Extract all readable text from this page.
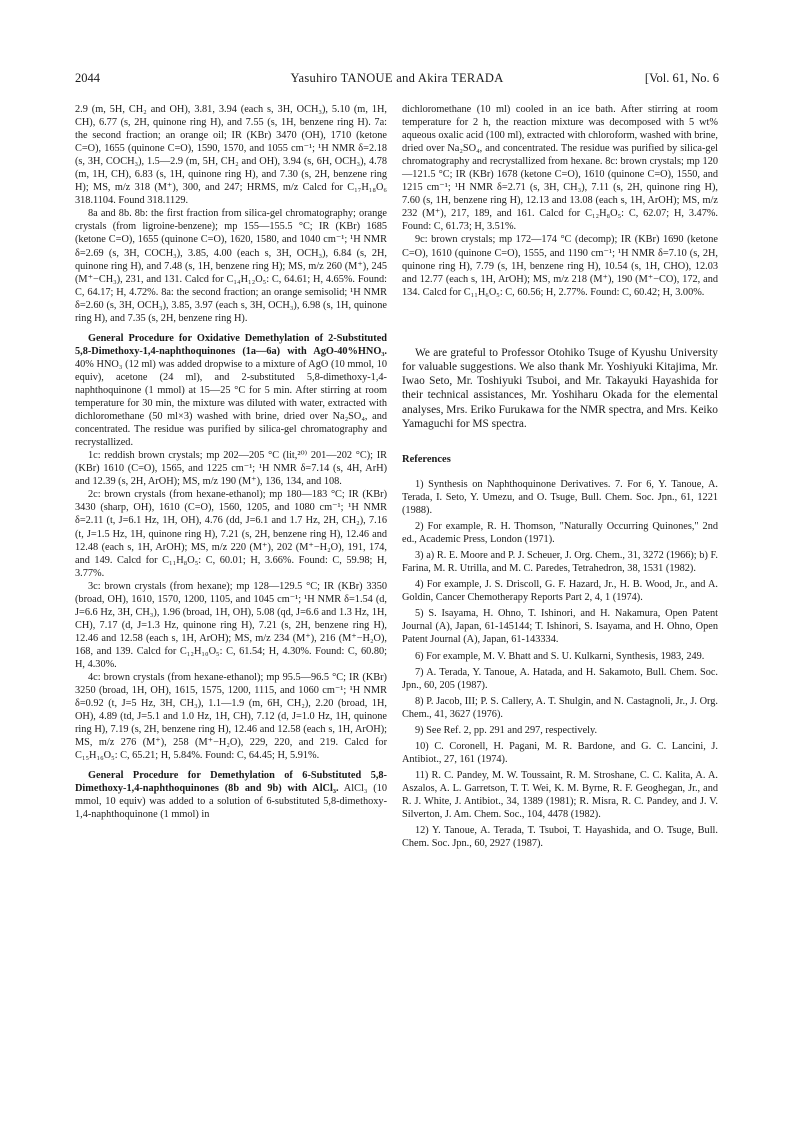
2044	Yasuhiro TANOUE and Akira TERADA	[Vol. 61, No. 6

2.9 (m, 5H, CH₂ and OH), 3.81, 3.94 (each s, 3H, OCH₃), 5.10 (m, 1H, CH), 6.77 (s, 2H, quinone ring H), and 7.55 (s, 1H, benzene ring H). 7a: the second fraction; an orange oil; IR (KBr) 3470 (OH), 1710 (ketone C=O), 1655 (quinone C=O), 1590, 1570, and 1055 cm⁻¹; ¹H NMR δ=2.18 (s, 3H, COCH₃), 1.5—2.9 (m, 5H, CH₂ and OH), 3.94 (s, 6H, OCH₃), 4.78 (m, 1H, CH), 6.83 (s, 1H, quinone ring H), and 7.30 (s, 2H, benzene ring H); MS, m/z 318 (M⁺), 300, and 247; HRMS, m/z Calcd for C₁₇H₁₈O₆ 318.1104. Found 318.1129.

8a and 8b. 8b: the first fraction from silica-gel chromatography; orange crystals (from ligroine-benzene); mp 155—155.5 °C; IR (KBr) 1685 (ketone C=O), 1655 (quinone C=O), 1620, 1580, and 1040 cm⁻¹; ¹H NMR δ=2.69 (s, 3H, COCH₃), 3.85, 4.00 (each s, 3H, OCH₃), 6.84 (s, 2H, quinone ring H), and 7.48 (s, 1H, benzene ring H); MS, m/z 260 (M⁺), 245 (M⁺−CH₃), 231, and 131. Calcd for C₁₄H₁₂O₅: C, 64.61; H, 4.65%. Found: C, 64.17; H, 4.72%. 8a: the second fraction; an orange semisolid; ¹H NMR δ=2.60 (s, 3H, OCH₃), 3.85, 3.97 (each s, 3H, OCH₃), 6.98 (s, 1H, quinone ring H), and 7.35 (s, 2H, benzene ring H).

General Procedure for Oxidative Demethylation of 2-Substituted 5,8-Dimethoxy-1,4-naphthoquinones (1a—6a) with AgO-40%HNO₃. 40% HNO₃ (12 ml) was added dropwise to a mixture of AgO (10 mmol, 10 equiv), acetone (24 ml), and 2-substituted 5,8-dimethoxy-1,4-naphthoquinone (1 mmol) at 15—25 °C for 5 min. After stirring at room temperature for 30 min, the mixture was diluted with water, extracted with dichloromethane (50 ml×3) washed with brine, dried over Na₂SO₄, and concentrated. The residue was purified by silica-gel chromatography and recrystallized.

1c: reddish brown crystals; mp 202—205 °C (lit,²⁰⁾ 201—202 °C); IR (KBr) 1610 (C=O), 1565, and 1225 cm⁻¹; ¹H NMR δ=7.14 (s, 4H, ArH) and 12.39 (s, 2H, ArOH); MS, m/z 190 (M⁺), 136, 134, and 108.

2c: brown crystals (from hexane-ethanol); mp 180—183 °C; IR (KBr) 3430 (sharp, OH), 1610 (C=O), 1560, 1205, and 1080 cm⁻¹; ¹H NMR δ=2.11 (t, J=6.1 Hz, 1H, OH), 4.76 (dd, J=6.1 and 1.7 Hz, 2H, CH₂), 7.16 (t, J=1.5 Hz, 1H, quinone ring H), 7.21 (s, 2H, benzene ring H), 12.46 and 12.48 (each s, 1H, ArOH); MS, m/z 220 (M⁺), 202 (M⁺−H₂O), 191, 174, and 149. Calcd for C₁₁H₈O₅: C, 60.01; H, 3.66%. Found: C, 59.98; H, 3.77%.

3c: brown crystals (from hexane); mp 128—129.5 °C; IR (KBr) 3350 (broad, OH), 1610, 1570, 1200, 1105, and 1045 cm⁻¹; ¹H NMR δ=1.54 (d, J=6.6 Hz, 3H, CH₃), 1.96 (broad, 1H, OH), 5.08 (qd, J=6.6 and 1.3 Hz, 1H, CH), 7.17 (d, J=1.3 Hz, quinone ring H), 7.21 (s, 2H, benzene ring H), 12.46 and 12.58 (each s, 1H, ArOH); MS, m/z 234 (M⁺), 216 (M⁺−H₂O), 168, and 139. Calcd for C₁₂H₁₀O₅: C, 61.54; H, 4.30%. Found: C, 60.80; H, 4.30%.

4c: brown crystals (from hexane-ethanol); mp 95.5—96.5 °C; IR (KBr) 3250 (broad, 1H, OH), 1615, 1575, 1200, 1115, and 1060 cm⁻¹; ¹H NMR δ=0.92 (t, J=5 Hz, 3H, CH₃), 1.1—1.9 (m, 6H, CH₂), 2.20 (broad, 1H, OH), 4.89 (td, J=5.1 and 1.0 Hz, 1H, CH), 7.12 (d, J=1.0 Hz, 1H, quinone ring H), 7.19 (s, 2H, benzene ring H), 12.46 and 12.58 (each s, 1H, ArOH); MS, m/z 276 (M⁺), 258 (M⁺−H₂O), 229, 220, and 219. Calcd for C₁₅H₁₆O₅: C, 65.21; H, 5.84%. Found: C, 64.45; H, 5.91%.

General Procedure for Demethylation of 6-Substituted 5,8-Dimethoxy-1,4-naphthoquinones (8b and 9b) with AlCl₃. AlCl₃ (10 mmol, 10 equiv) was added to a solution of 6-substituted 5,8-dimethoxy-1,4-naphthoquinone (1 mmol) in

dichloromethane (10 ml) cooled in an ice bath. After stirring at room temperature for 2 h, the reaction mixture was decomposed with 5 wt% aqueous oxalic acid (100 ml), extracted with chloroform, washed with brine, dried over Na₂SO₄, and concentrated. The residue was purified by silica-gel chromatography and recrystallized from hexane. 8c: brown crystals; mp 120—121.5 °C; IR (KBr) 1678 (ketone C=O), 1610 (quinone C=O), 1550, and 1215 cm⁻¹; ¹H NMR δ=2.71 (s, 3H, CH₃), 7.11 (s, 2H, quinone ring H), 7.60 (s, 1H, benzene ring H), 12.13 and 13.08 (each s, 1H, ArOH); MS, m/z 232 (M⁺), 217, 189, and 161. Calcd for C₁₂H₈O₅: C, 62.07; H, 3.47%. Found: C, 61.73; H, 3.51%.

9c: brown crystals; mp 172—174 °C (decomp); IR (KBr) 1690 (ketone C=O), 1610 (quinone C=O), 1555, and 1190 cm⁻¹; ¹H NMR δ=7.10 (s, 2H, quinone ring H), 7.79 (s, 1H, benzene ring H), 10.54 (s, 1H, CHO), 12.03 and 12.77 (each s, 1H, ArOH); MS, m/z 218 (M⁺), 190 (M⁺−CO), 172, and 134. Calcd for C₁₁H₆O₅: C, 60.56; H, 2.77%. Found: C, 60.42; H, 3.00%.

We are grateful to Professor Otohiko Tsuge of Kyushu University for valuable suggestions. We also thank Mr. Yoshiyuki Kitajima, Mr. Iwao Seto, Mr. Toshiyuki Tsuboi, and Mr. Takayuki Hayashida for their technical assistances, Mr. Yoshiharu Okada for the elemental analyses, Mrs. Eriko Furukawa for the NMR spectra, and Mrs. Keiko Yamaguchi for MS spectra.

References

1) Synthesis on Naphthoquinone Derivatives. 7. For 6, Y. Tanoue, A. Terada, I. Seto, Y. Umezu, and O. Tsuge, Bull. Chem. Soc. Jpn., 61, 1221 (1988).

2) For example, R. H. Thomson, "Naturally Occurring Quinones," 2nd ed., Academic Press, London (1971).

3) a) R. E. Moore and P. J. Scheuer, J. Org. Chem., 31, 3272 (1966); b) F. Farina, M. R. Utrilla, and M. C. Paredes, Tetrahedron, 38, 1531 (1982).

4) For example, J. S. Driscoll, G. F. Hazard, Jr., H. B. Wood, Jr., and A. Goldin, Cancer Chemotherapy Reports Part 2, 4, 1 (1974).

5) S. Isayama, H. Ohno, T. Ishinori, and H. Nakamura, Open Patent Journal (A), Japan, 61-145144; T. Ishinori, S. Isayama, and H. Ohno, Open Patent Journal (A), Japan, 61-143334.

6) For example, M. V. Bhatt and S. U. Kulkarni, Synthesis, 1983, 249.

7) A. Terada, Y. Tanoue, A. Hatada, and H. Sakamoto, Bull. Chem. Soc. Jpn., 60, 205 (1987).

8) P. Jacob, III; P. S. Callery, A. T. Shulgin, and N. Castagnoli, Jr., J. Org. Chem., 41, 3627 (1976).

9) See Ref. 2, pp. 291 and 297, respectively.

10) C. Coronell, H. Pagani, M. R. Bardone, and G. C. Lancini, J. Antibiot., 27, 161 (1974).

11) R. C. Pandey, M. W. Toussaint, R. M. Stroshane, C. C. Kalita, A. A. Aszalos, A. L. Garretson, T. T. Wei, K. M. Byrne, R. F. Geoghegan, Jr., and R. J. White, J. Antibiot., 34, 1389 (1981); R. Misra, R. C. Pandey, and J. V. Silverton, J. Am. Chem. Soc., 104, 4478 (1982).

12) Y. Tanoue, A. Terada, T. Tsuboi, T. Hayashida, and O. Tsuge, Bull. Chem. Soc. Jpn., 60, 2927 (1987).
